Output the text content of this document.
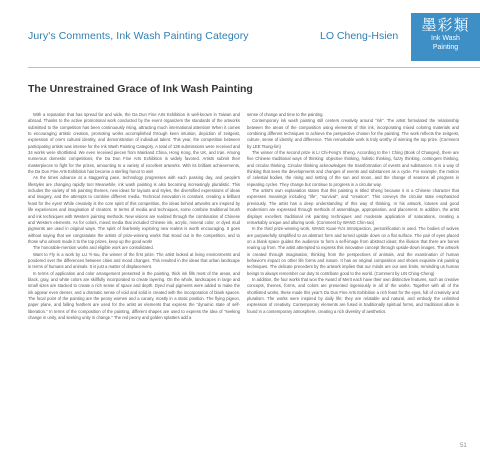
Jury's Comments, Ink Wash Painting Category	LO Cheng-Hsien
墨彩類
Ink Wash
Painting
The Unrestrained Grace of Ink Wash Painting

With a reputation that has spread far and wide, the Da Dun Fine Arts Exhibition is well-known in Taiwan and abroad. Thanks to the active promotional work conducted by the event organizers the standards of the artworks submitted to the competition has been continuously rising, attracting much international attention! When it comes to encouraging artistic creation, promoting works accomplished through keen intuition, depiction of zeitgeist, expression of one's cultural identity, and demonstration of individual talent. This year, the competition between participating artists was intense for the Ink Wash Painting Category. A total of 138 submissions were received and 34 works were shortlisted. We even received pieces from Mainland China, Hong Kong, the UK, and Iran. Among numerous domestic competitions, the Da Dun Fine Arts Exhibition is widely favored. Artists submit their masterpieces to fight for the prizes, amounting to a variety of excellent artworks. With its brilliant achievements, the Da Dun Fine Arts Exhibition has become a sterling honor to win!

As the times advance at a staggering pace, technology progresses with each passing day, and people's lifestyles are changing rapidly too! Meanwhile, ink wash painting is also becoming increasingly pluralistic. This includes the variety of Ink painting themes, new ideas for layouts and styles, the diversified expressions of ideas and imagery, and the attempts to combine different media. Technical innovation is constant, creating a brilliant feast for the eyes! While creativity is the core spirit of this competition, the ideas behind artworks are inspired by life experiences and imagination of creators. In terms of media and techniques, some combine traditional brush and ink techniques with Western painting methods. New visions are realized through the combination of Chinese and Western elements. As for colors, mixed media that included Chinese ink, acrylic, mineral color, or dyed mud pigments are used in original ways. The spirit of fearlessly exploring new realms is worth encouraging. It goes without saying that we congratulate the artists of prize-winning works that stood out in the competition, and to those who almost made it to the top prizes, keep up the good work!

The honorable-mention works and eligible work are consolidated.

Want to Fly is a work by LU Yi-tou, the winner of the first prize. The artist looked at living environments and pondered over the differences between cities and mood changes. This resulted in the ideas that urban landscape in terms of humans and animals. It is just a matter of displacement.

In terms of application and color arrangement presented in the painting, thick ink fills most of the areas, and black, gray, and white colors are skillfully incorporated to create layering. On the whole, landscapes in large and small sizes are stacked to create a rich sense of space and depth. Dyed mud pigments were added to make the ink appear even denser, and a dramatic sense of void and solid is created with the incorporation of blank spaces. The focal point of the painting are the peony women and a canary, mostly in a static position. The flying pigeon, paper plane, and falling feathers are used for the artist as elements that express the "dynamic state of self-liberation." In terms of the composition of the painting, different shapes are used to express the idea of "seeking change in unity, and seeking unity in change." The red peony and golden splatters add a

sense of change and time to the painting.

Contemporary ink wash painting still centers creativity around "ink". The artist formulated the relationship between the areas of the composition using elements of thin ink, incorporating mixed coloring materials and combining different techniques to achieve the perspective chosen for the painting. The work reflects the zeitgeist, culture, sense of identity, and difference. This remarkable work is truly worthy of winning the top prize. (Comment by LEE Tsung-lim)

The winner of the second prize is LI Chi-Feng's Sheng. According to the I Ching (Book of Changes), there are five Chinese traditional ways of thinking: objective thinking, holistic thinking, fuzzy thinking, contingent thinking, and circular thinking. Circular thinking acknowledges the transformation of events and substances. It is a way of thinking that sees the developments and changes of events and substances as a cycle. For example, the motion of celestial bodies, the rising and setting of the sun and moon, and the change of seasons all progress in repeating cycles. They change but continue to progress in a circular way.

The artist's own explanation states that this painting is titled Sheng because it is a Chinese character that expresses meanings including "life", "survival", and "creation". This conveys the circular state emphasized previously. The artist has a deep understanding of this way of thinking. In his artwork, lotuses and good modernism are expressed through methods of assemblage, appropriation, and placement. In addition, the artist displays excellent traditional ink painting techniques and moderate application of saturations, creating a remarkably unique and alluring work. (Comment by WANG Chin-Iao)

In the third prize-winning work, WANG Kuan-Yu's Introspection, personification is used. The bodies of wolves are purposefully simplified to an abstract form and turned upside down on a flat surface. The pair of eyes placed on a blank space guides the audience to form a self-image from abstract ideas; the illusion that there are bones rearing up from. The artist attempted to express this innovative concept through upside-down images. The artwork is created through imagination, thinking from the perspectives of animals, and the examination of human behavior's impact on other life forms and nature. It has an original composition and shows exquisite ink painting techniques. The delicate precedent by the artwork implies that our minds are our own limits, reminding us human beings to always remember our duty to contribute good to the world. (Comment by LIN Ching-Cheng)

In addition, the four works that won the Award of Merit each have their own distinctive features, such as creative concepts, themes, forms, and colors are presented ingeniously in all of the works. Together with all of the shortlisted works, these made this year's Da Dun Fine Arts Exhibition a rich feast for the eyes, full of creativity and pluralism. The works were inspired by daily life; they are relatable and natural, and embody the unlimited expression of creativity. Contemporary elements are fused in traditionally spiritual forms, and traditional allure is found in a contemporary atmosphere, creating a rich diversity of aesthetics.

51
